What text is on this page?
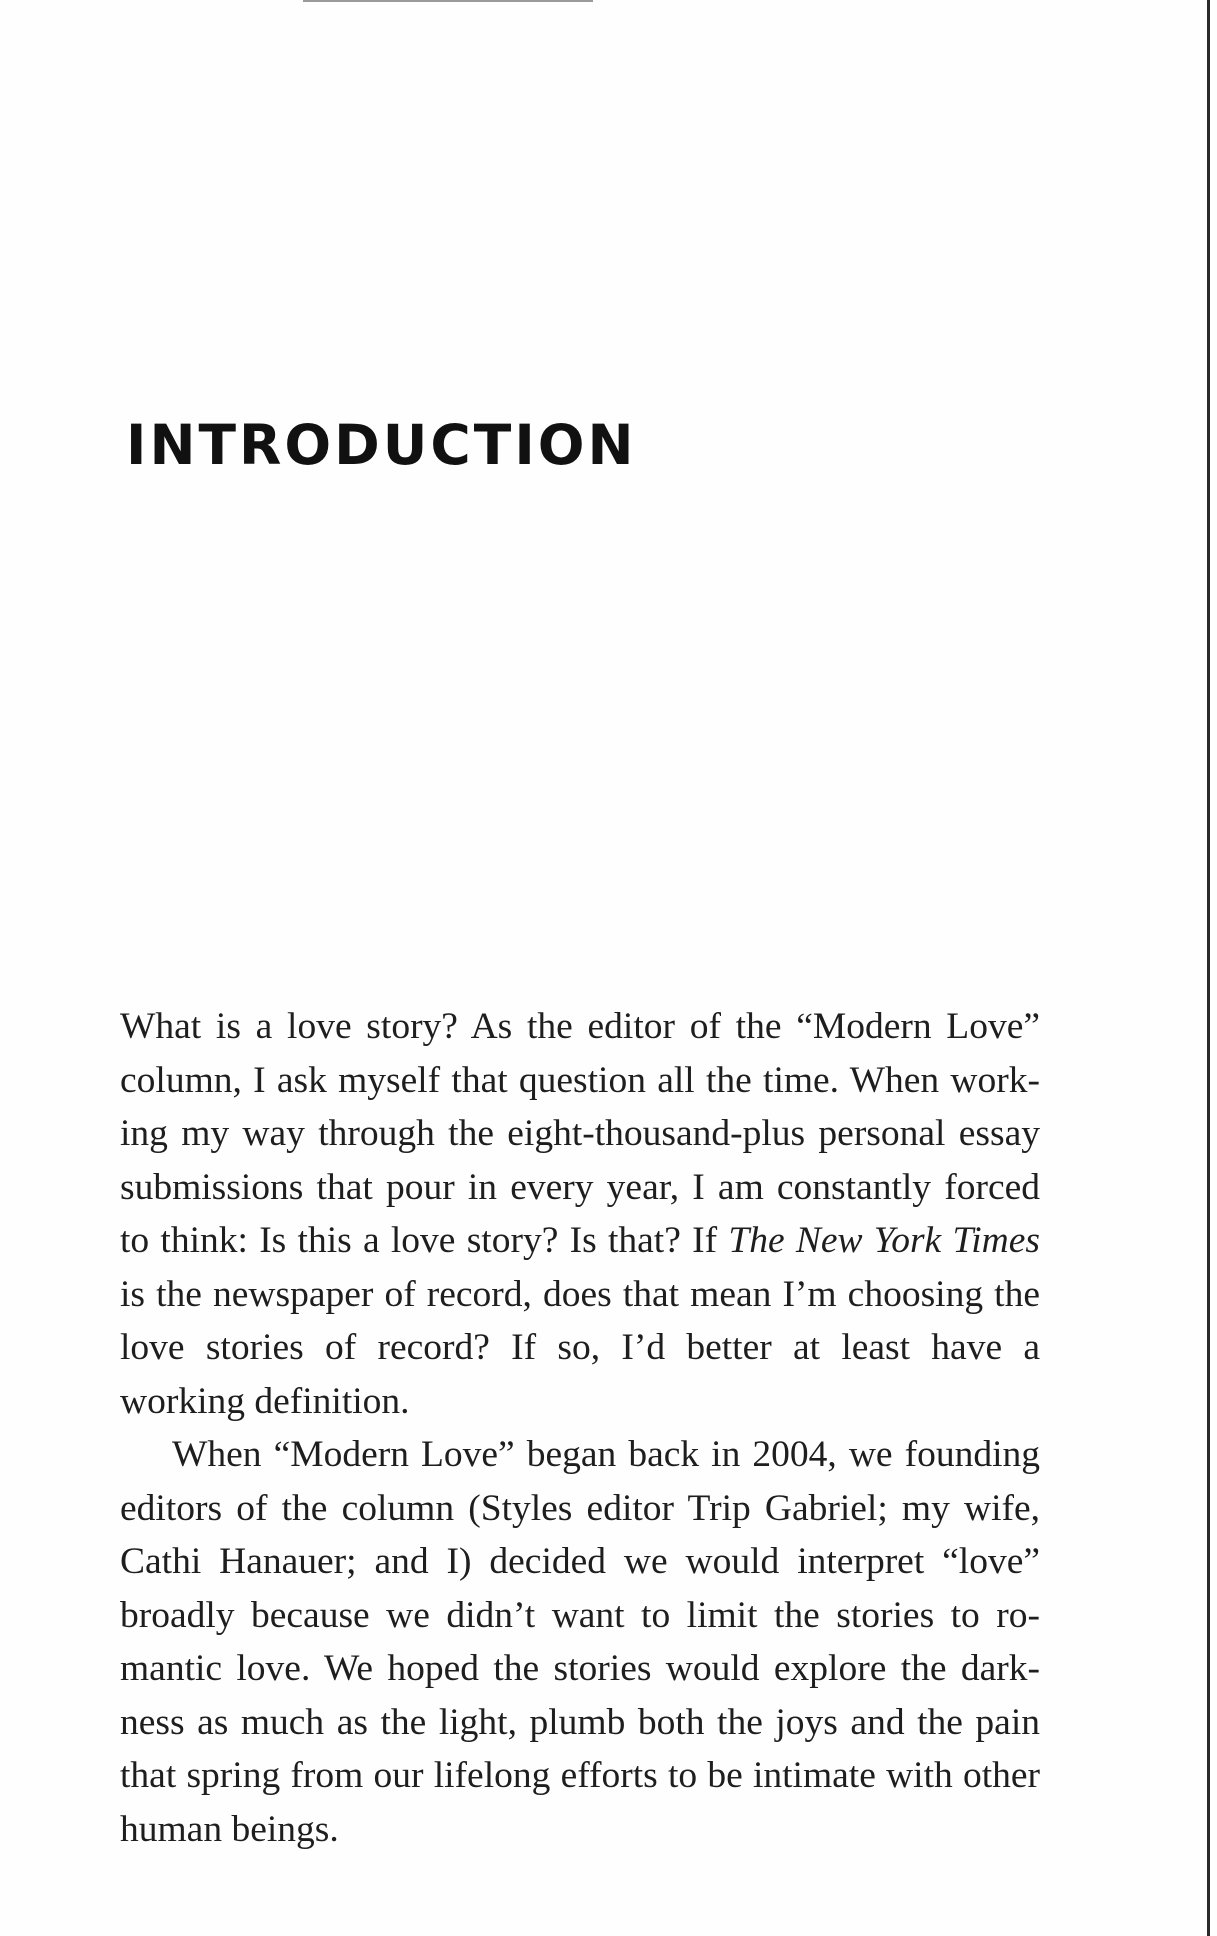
INTRODUCTION

What is a love story? As the editor of the “Modern Love” column, I ask myself that question all the time. When working my way through the eight-thousand-plus personal essay submissions that pour in every year, I am constantly forced to think: Is this a love story? Is that? If The New York Times is the newspaper of record, does that mean I’m choosing the love stories of record? If so, I’d better at least have a working definition.

When “Modern Love” began back in 2004, we founding editors of the column (Styles editor Trip Gabriel; my wife, Cathi Hanauer; and I) decided we would interpret “love” broadly because we didn’t want to limit the stories to romantic love. We hoped the stories would explore the darkness as much as the light, plumb both the joys and the pain that spring from our lifelong efforts to be intimate with other human beings.
